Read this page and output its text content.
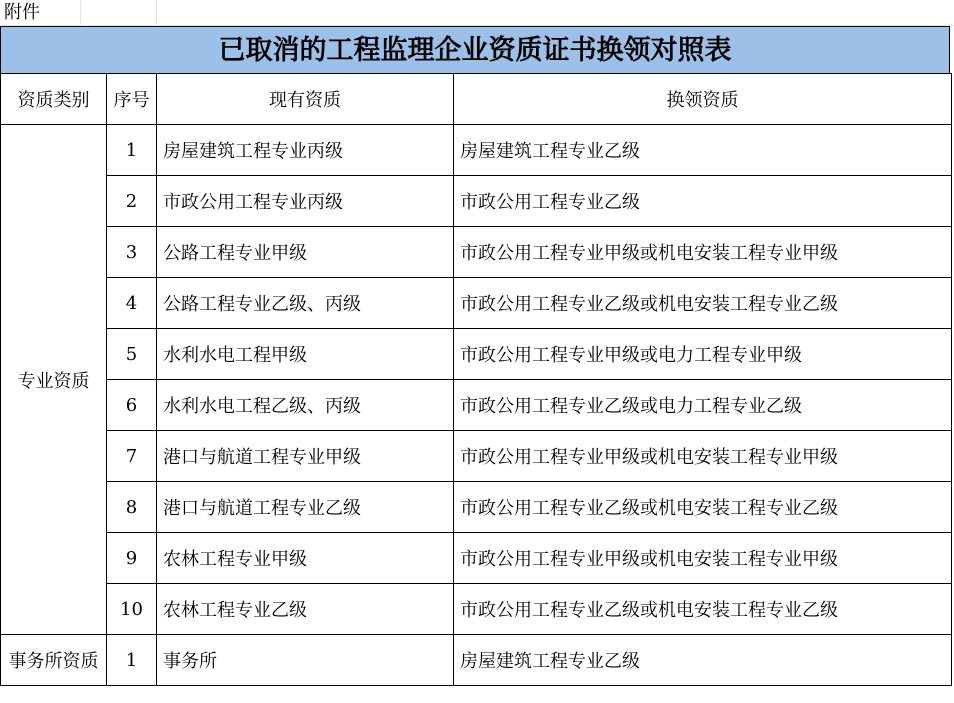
附件
已取消的工程监理企业资质证书换领对照表
资质类别	序号	现有资质	换领资质
专业资质	1	房屋建筑工程专业丙级	房屋建筑工程专业乙级
	2	市政公用工程专业丙级	市政公用工程专业乙级
	3	公路工程专业甲级	市政公用工程专业甲级或机电安装工程专业甲级
	4	公路工程专业乙级、丙级	市政公用工程专业乙级或机电安装工程专业乙级
	5	水利水电工程甲级	市政公用工程专业甲级或电力工程专业甲级
	6	水利水电工程乙级、丙级	市政公用工程专业乙级或电力工程专业乙级
	7	港口与航道工程专业甲级	市政公用工程专业甲级或机电安装工程专业甲级
	8	港口与航道工程专业乙级	市政公用工程专业乙级或机电安装工程专业乙级
	9	农林工程专业甲级	市政公用工程专业甲级或机电安装工程专业甲级
	10	农林工程专业乙级	市政公用工程专业乙级或机电安装工程专业乙级
事务所资质	1	事务所	房屋建筑工程专业乙级
